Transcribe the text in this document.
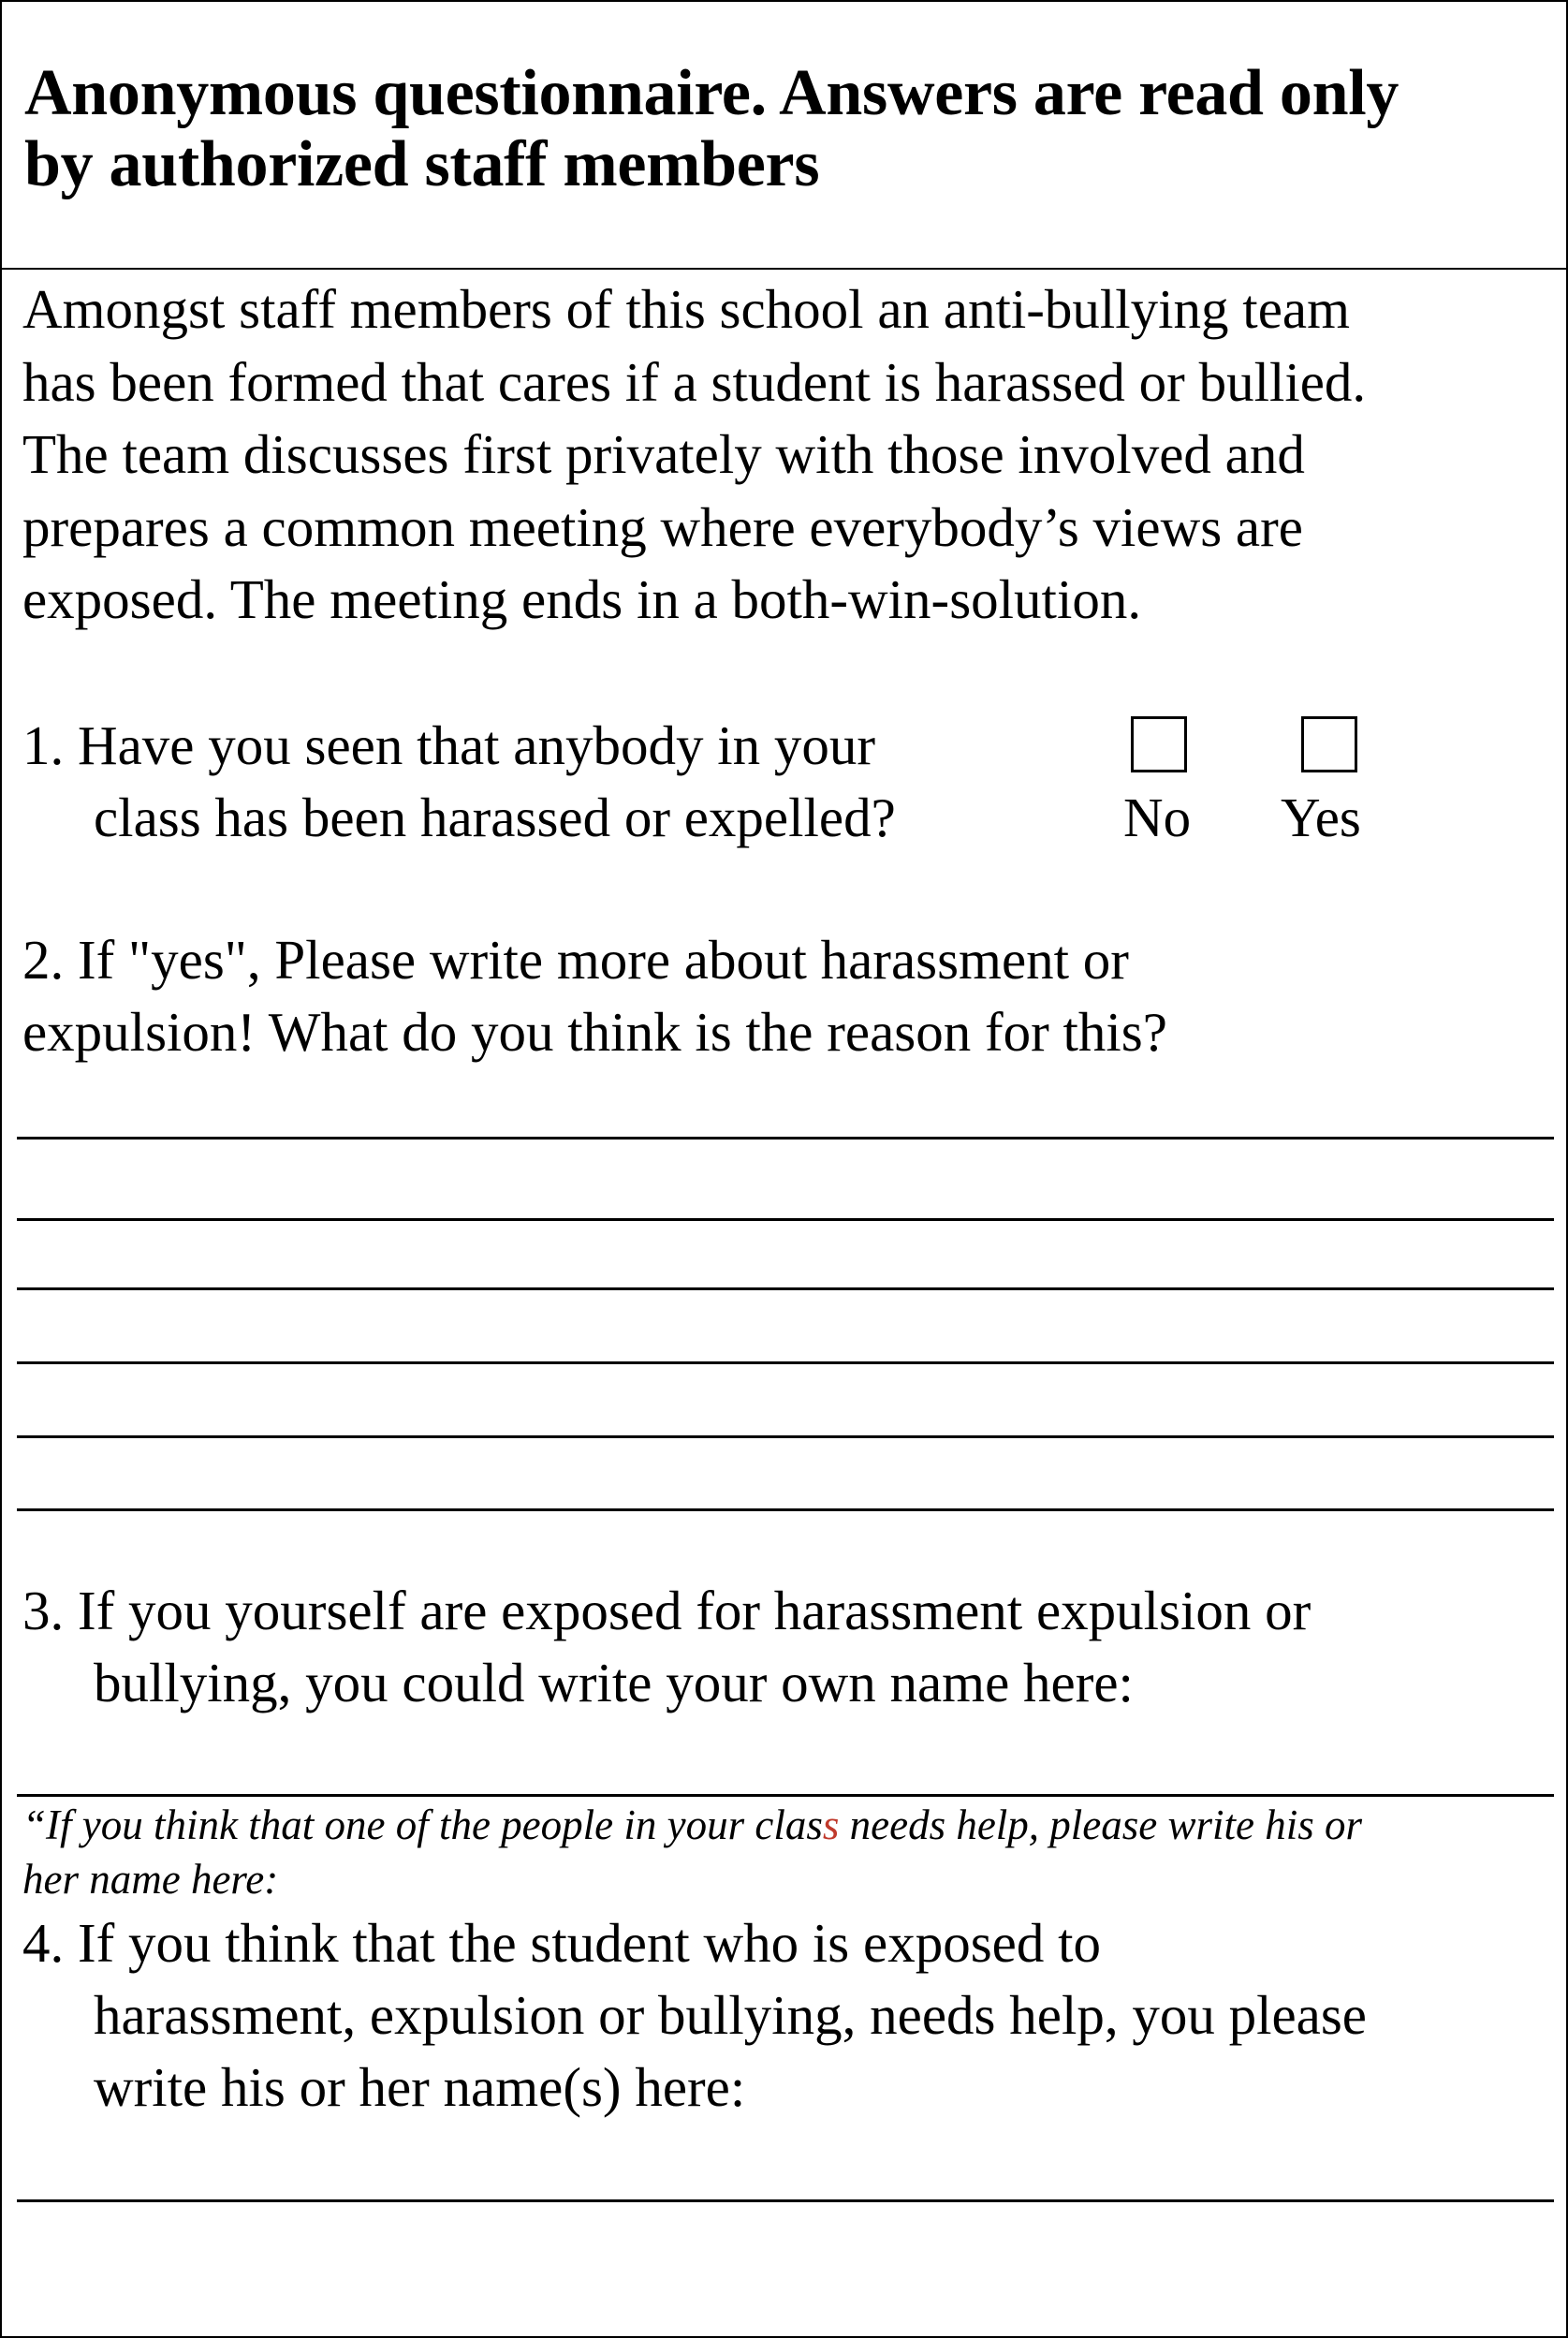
Anonymous questionnaire. Answers are read only
by authorized staff members
Amongst staff members of this school an anti-bullying team
has been formed that cares if a student is harassed or bullied.
The team discusses first privately with those involved and
prepares a common meeting where everybody’s views are
exposed. The meeting ends in a both-win-solution.
1. Have you seen that anybody in your
class has been harassed or expelled?	No Yes
2. If "yes", Please write more about harassment or
expulsion! What do you think is the reason for this?
3. If you yourself are exposed for harassment expulsion or
bullying, you could write your own name here:
“If you think that one of the people in your class needs help, please write his or
her name here:
4. If you think that the student who is exposed to
harassment, expulsion or bullying, needs help, you please
write his or her name(s) here:
